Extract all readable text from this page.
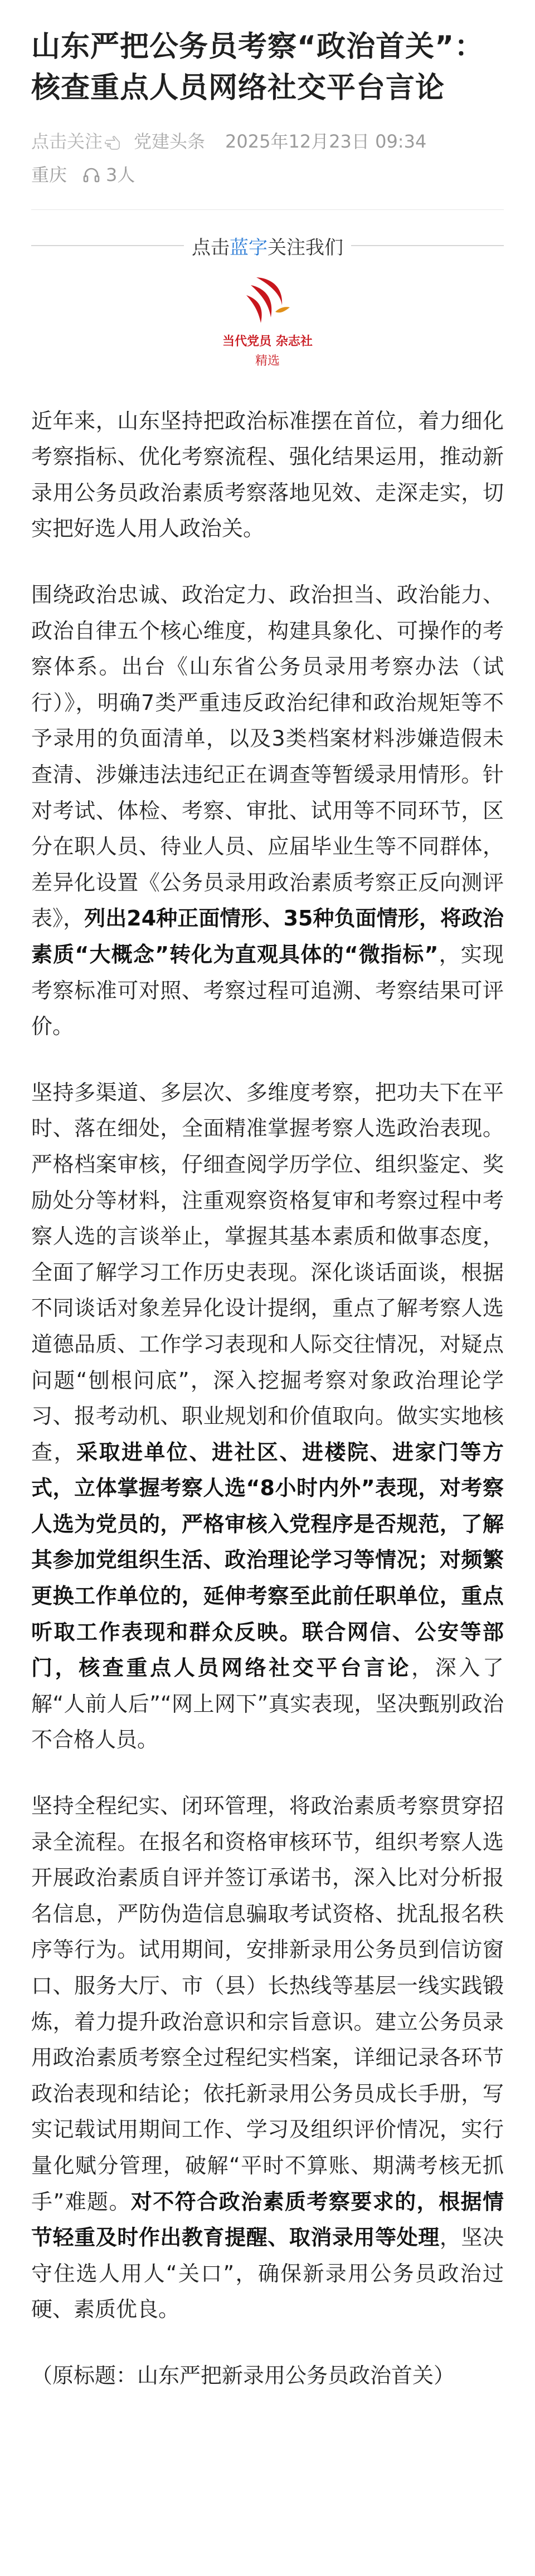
山东严把公务员考察“政治首关”：核查重点人员网络社交平台言论
点击关注 党建头条 2025年12月23日 09:34
重庆 3人
点击蓝字关注我们
当代党员 杂志社
精选

近年来，山东坚持把政治标准摆在首位，着力细化考察指标、优化考察流程、强化结果运用，推动新录用公务员政治素质考察落地见效、走深走实，切实把好选人用人政治关。

围绕政治忠诚、政治定力、政治担当、政治能力、政治自律五个核心维度，构建具象化、可操作的考察体系。出台《山东省公务员录用考察办法（试行）》，明确7类严重违反政治纪律和政治规矩等不予录用的负面清单，以及3类档案材料涉嫌造假未查清、涉嫌违法违纪正在调查等暂缓录用情形。针对考试、体检、考察、审批、试用等不同环节，区分在职人员、待业人员、应届毕业生等不同群体，差异化设置《公务员录用政治素质考察正反向测评表》，列出24种正面情形、35种负面情形，将政治素质“大概念”转化为直观具体的“微指标”，实现考察标准可对照、考察过程可追溯、考察结果可评价。

坚持多渠道、多层次、多维度考察，把功夫下在平时、落在细处，全面精准掌握考察人选政治表现。严格档案审核，仔细查阅学历学位、组织鉴定、奖励处分等材料，注重观察资格复审和考察过程中考察人选的言谈举止，掌握其基本素质和做事态度，全面了解学习工作历史表现。深化谈话面谈，根据不同谈话对象差异化设计提纲，重点了解考察人选道德品质、工作学习表现和人际交往情况，对疑点问题“刨根问底”，深入挖掘考察对象政治理论学习、报考动机、职业规划和价值取向。做实实地核查，采取进单位、进社区、进楼院、进家门等方式，立体掌握考察人选“8小时内外”表现，对考察人选为党员的，严格审核入党程序是否规范，了解其参加党组织生活、政治理论学习等情况；对频繁更换工作单位的，延伸考察至此前任职单位，重点听取工作表现和群众反映。联合网信、公安等部门，核查重点人员网络社交平台言论，深入了解“人前人后”“网上网下”真实表现，坚决甄别政治不合格人员。

坚持全程纪实、闭环管理，将政治素质考察贯穿招录全流程。在报名和资格审核环节，组织考察人选开展政治素质自评并签订承诺书，深入比对分析报名信息，严防伪造信息骗取考试资格、扰乱报名秩序等行为。试用期间，安排新录用公务员到信访窗口、服务大厅、市（县）长热线等基层一线实践锻炼，着力提升政治意识和宗旨意识。建立公务员录用政治素质考察全过程纪实档案，详细记录各环节政治表现和结论；依托新录用公务员成长手册，写实记载试用期间工作、学习及组织评价情况，实行量化赋分管理，破解“平时不算账、期满考核无抓手”难题。对不符合政治素质考察要求的，根据情节轻重及时作出教育提醒、取消录用等处理，坚决守住选人用人“关口”，确保新录用公务员政治过硬、素质优良。

（原标题：山东严把新录用公务员政治首关）
